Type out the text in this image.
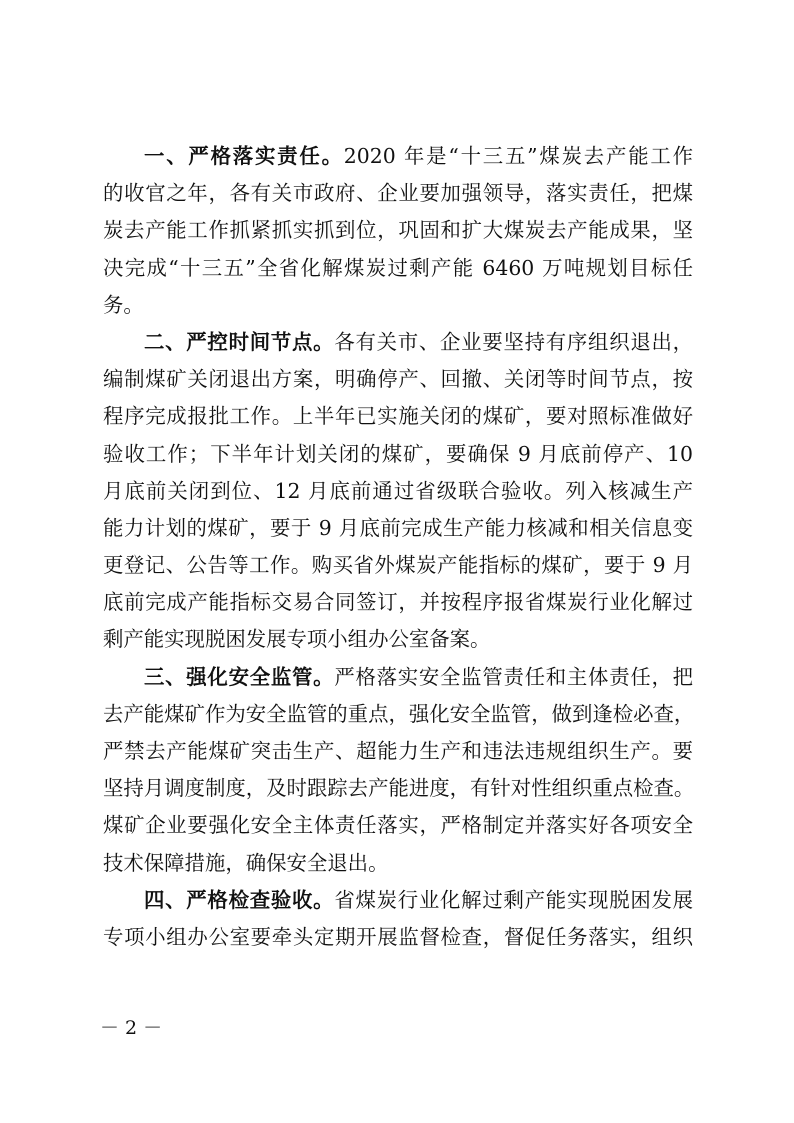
一、严格落实责任。2020 年是“十三五”煤炭去产能工作
的收官之年，各有关市政府、企业要加强领导，落实责任，把煤
炭去产能工作抓紧抓实抓到位，巩固和扩大煤炭去产能成果，坚
决完成“十三五”全省化解煤炭过剩产能 6460 万吨规划目标任
务。
二、严控时间节点。各有关市、企业要坚持有序组织退出，
编制煤矿关闭退出方案，明确停产、回撤、关闭等时间节点，按
程序完成报批工作。上半年已实施关闭的煤矿，要对照标准做好
验收工作；下半年计划关闭的煤矿，要确保 9 月底前停产、10
月底前关闭到位、12 月底前通过省级联合验收。列入核减生产
能力计划的煤矿，要于 9 月底前完成生产能力核减和相关信息变
更登记、公告等工作。购买省外煤炭产能指标的煤矿，要于 9 月
底前完成产能指标交易合同签订，并按程序报省煤炭行业化解过
剩产能实现脱困发展专项小组办公室备案。
三、强化安全监管。严格落实安全监管责任和主体责任，把
去产能煤矿作为安全监管的重点，强化安全监管，做到逢检必查，
严禁去产能煤矿突击生产、超能力生产和违法违规组织生产。要
坚持月调度制度，及时跟踪去产能进度，有针对性组织重点检查。
煤矿企业要强化安全主体责任落实，严格制定并落实好各项安全
技术保障措施，确保安全退出。
四、严格检查验收。省煤炭行业化解过剩产能实现脱困发展
专项小组办公室要牵头定期开展监督检查，督促任务落实，组织
－ 2 －
